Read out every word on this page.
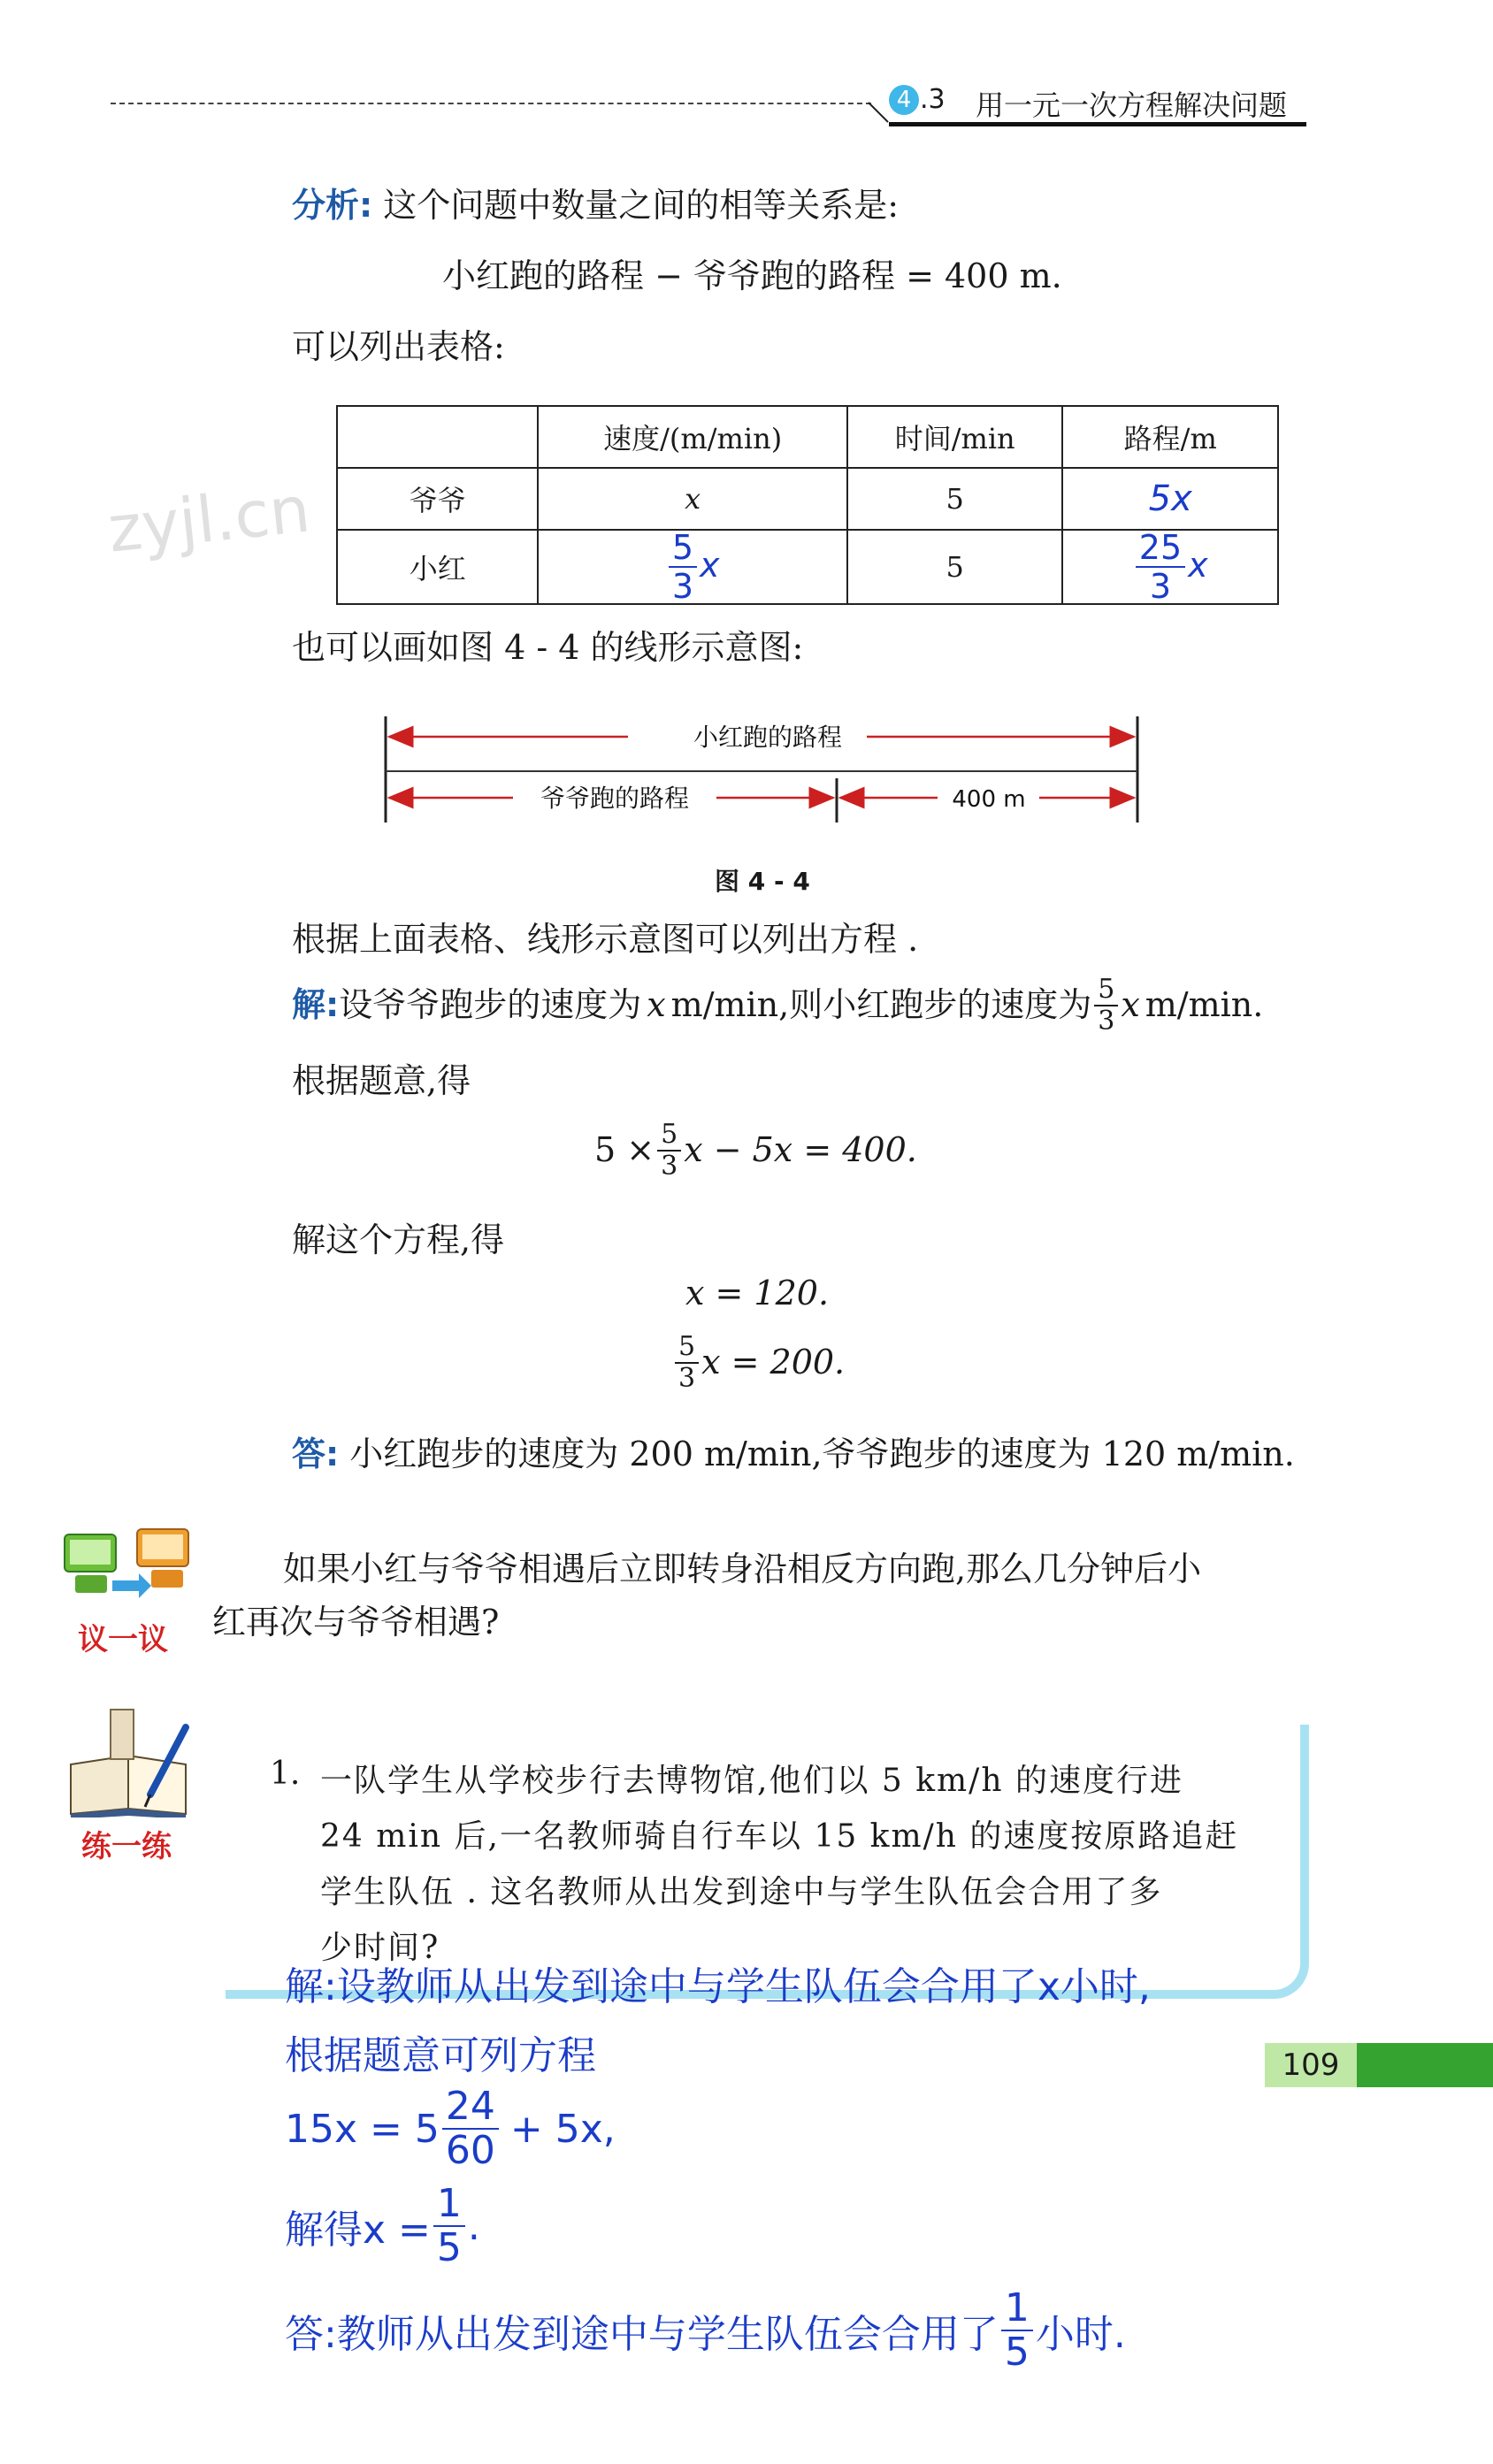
4 .3 用一元一次方程解决问题
zyjl.cn
分析: 这个问题中数量之间的相等关系是:
小红跑的路程 − 爷爷跑的路程 = 400 m.
可以列出表格:
	速度/(m/min)	时间/min	路程/m
爷爷	x	5	5x
小红	$\frac{5}{3}$ x	5	$\frac{25}{3}$ x
也可以画如图 4 - 4 的线形示意图:
小红跑的路程
爷爷跑的路程	400 m
图 4 - 4
根据上面表格、线形示意图可以列出方程 .
解: 设爷爷跑步的速度为 x m/min,则小红跑步的速度为 $\frac{5}{3}$ x m/min.
根据题意,得
$5 \times \frac{5}{3}$ x − 5x = 400.
解这个方程,得
x = 120.
$\frac{5}{3}$ x = 200.
答: 小红跑步的速度为 200 m/min,爷爷跑步的速度为 120 m/min.
议一议
如果小红与爷爷相遇后立即转身沿相反方向跑,那么几分钟后小
红再次与爷爷相遇?
练一练
1. 一队学生从学校步行去博物馆,他们以 5 km/h 的速度行进
24 min 后,一名教师骑自行车以 15 km/h 的速度按原路追赶
学生队伍 . 这名教师从出发到途中与学生队伍会合用了多
少时间?
109
解:设教师从出发到途中与学生队伍会合用了x小时,
根据题意可列方程
$15x = 5 \frac{24}{60} + 5x$,
解得$x = \frac{1}{5}$ .
答:教师从出发到途中与学生队伍会合用了 $\frac{1}{5}$ 小时.
